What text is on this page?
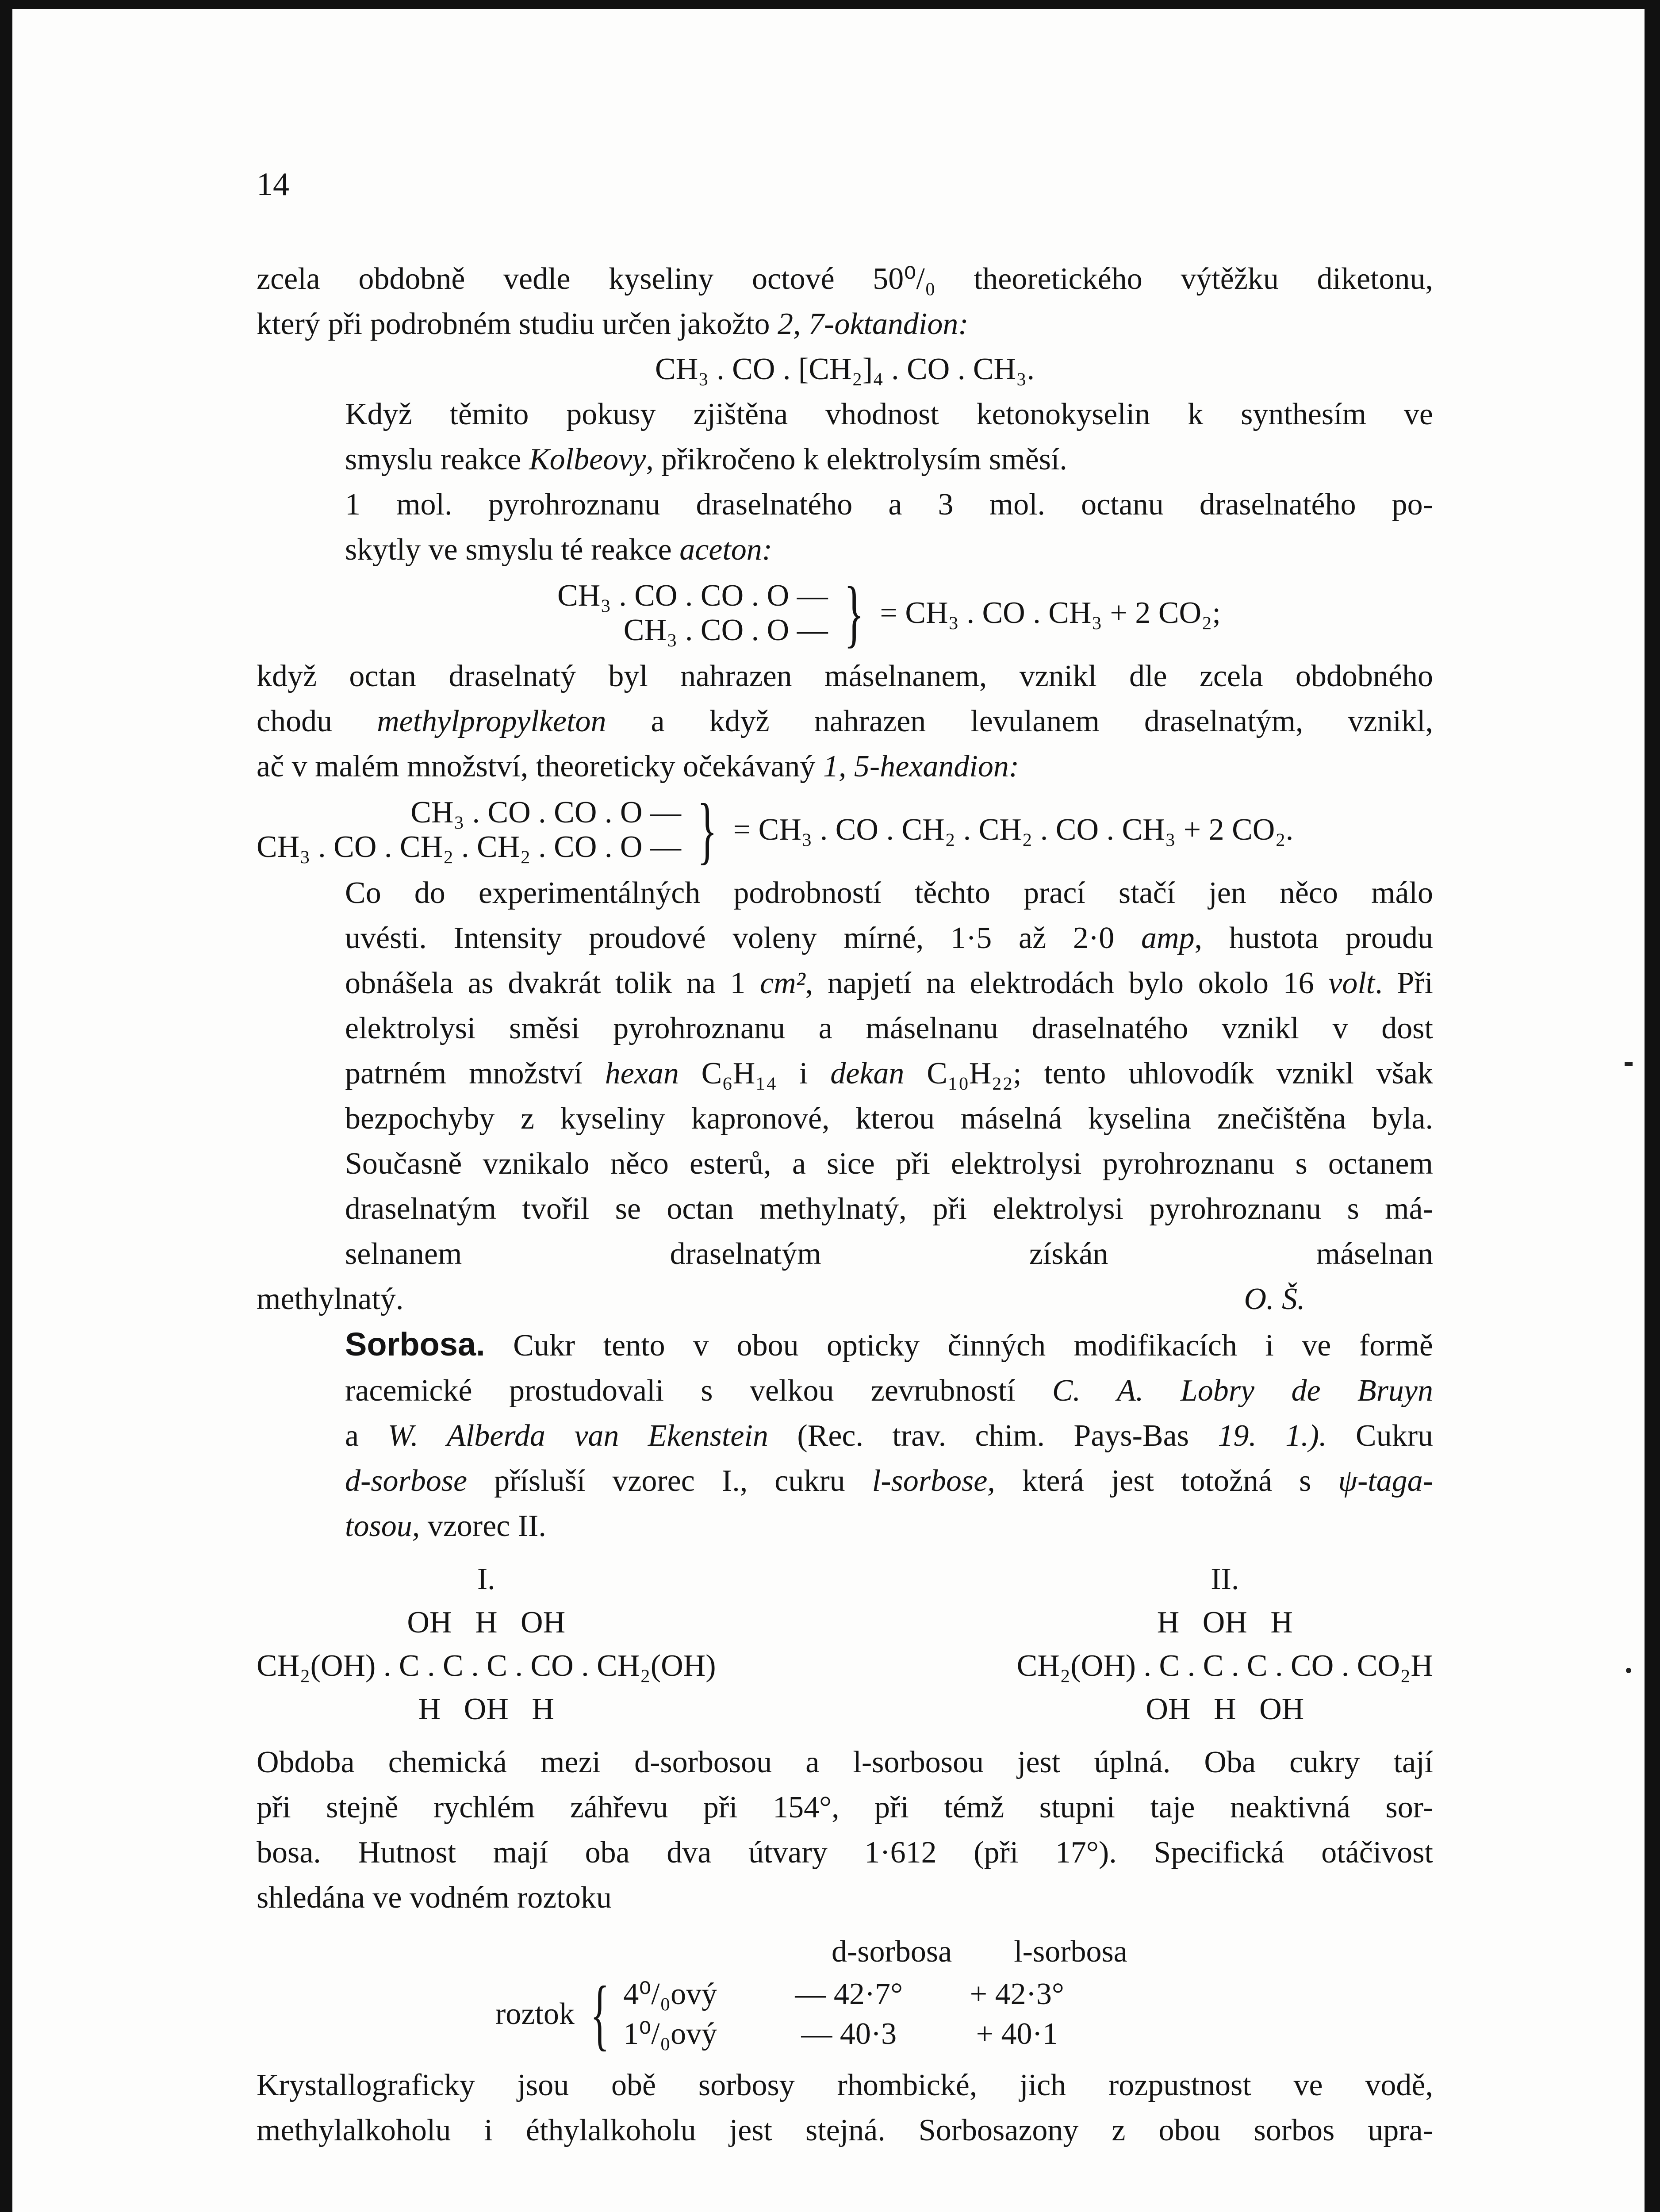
14

zcela obdobně vedle kyseliny octové 50⁰/₀ theoretického výtěžku diketonu,
který při podrobném studiu určen jakožto 2, 7-oktandion:

CH₃ . CO . [CH₂]₄ . CO . CH₃.

Když těmito pokusy zjištěna vhodnost ketonokyselin k synthesím ve
smyslu reakce Kolbeovy, přikročeno k elektrolysím směsí.

1 mol. pyrohroznanu draselnatého a 3 mol. octanu draselnatého po-
skytly ve smyslu té reakce aceton:

CH₃ . CO . CO . O —
CH₃ . CO . O — } = CH₃ . CO . CH₃ + 2 CO₂;

když octan draselnatý byl nahrazen máselnanem, vznikl dle zcela obdobného
chodu methylpropylketon a když nahrazen levulanem draselnatým, vznikl,
ač v malém množství, theoreticky očekávaný 1, 5-hexandion:

CH₃ . CO . CO . O —
CH₃ . CO . CH₂ . CH₂ . CO . O — } = CH₃ . CO . CH₂ . CH₂ . CO . CH₃ + 2 CO₂.

Co do experimentálných podrobností těchto prací stačí jen něco málo
uvésti. Intensity proudové voleny mírné, 1·5 až 2·0 amp, hustota proudu
obnášela as dvakrát tolik na 1 cm², napjetí na elektrodách bylo okolo 16 volt. Při
elektrolysi směsi pyrohroznanu a máselnanu draselnatého vznikl v dost
patrném množství hexan C₆H₁₄ i dekan C₁₀H₂₂; tento uhlovodík vznikl však
bezpochyby z kyseliny kapronové, kterou máselná kyselina znečištěna byla.
Současně vznikalo něco esterů, a sice při elektrolysi pyrohroznanu s octanem
draselnatým tvořil se octan methylnatý, při elektrolysi pyrohroznanu s má-
selnanem draselnatým získán máselnan methylnatý.	O. Š.

Sorbosa. Cukr tento v obou opticky činných modifikacích i ve formě
racemické prostudovali s velkou zevrubností C. A. Lobry de Bruyn
a W. Alberda van Ekenstein (Rec. trav. chim. Pays-Bas 19. 1.). Cukru
d-sorbose přísluší vzorec I., cukru l-sorbose, která jest totožná s ψ-taga-
tosou, vzorec II.

I.
OH   H   OH
CH₂(OH) . C . C . C . CO . CH₂(OH)
H   OH   H
II.
H   OH   H
CH₂(OH) . C . C . C . CO . CO₂H
OH   H   OH

Obdoba chemická mezi d-sorbosou a l-sorbosou jest úplná. Oba cukry tají
při stejně rychlém záhřevu při 154°, při témž stupni taje neaktivná sor-
bosa. Hutnost mají oba dva útvary 1·612 (při 17°). Specifická otáčivost
shledána ve vodném roztoku

d-sorbosa l-sorbosa
roztok { 4⁰/₀ový	— 42·7°	+ 42·3°
1⁰/₀ový	— 40·3	+ 40·1

Krystallograficky jsou obě sorbosy rhombické, jich rozpustnost ve vodě,
methylalkoholu i éthylalkoholu jest stejná. Sorbosazony z obou sorbos upra-
